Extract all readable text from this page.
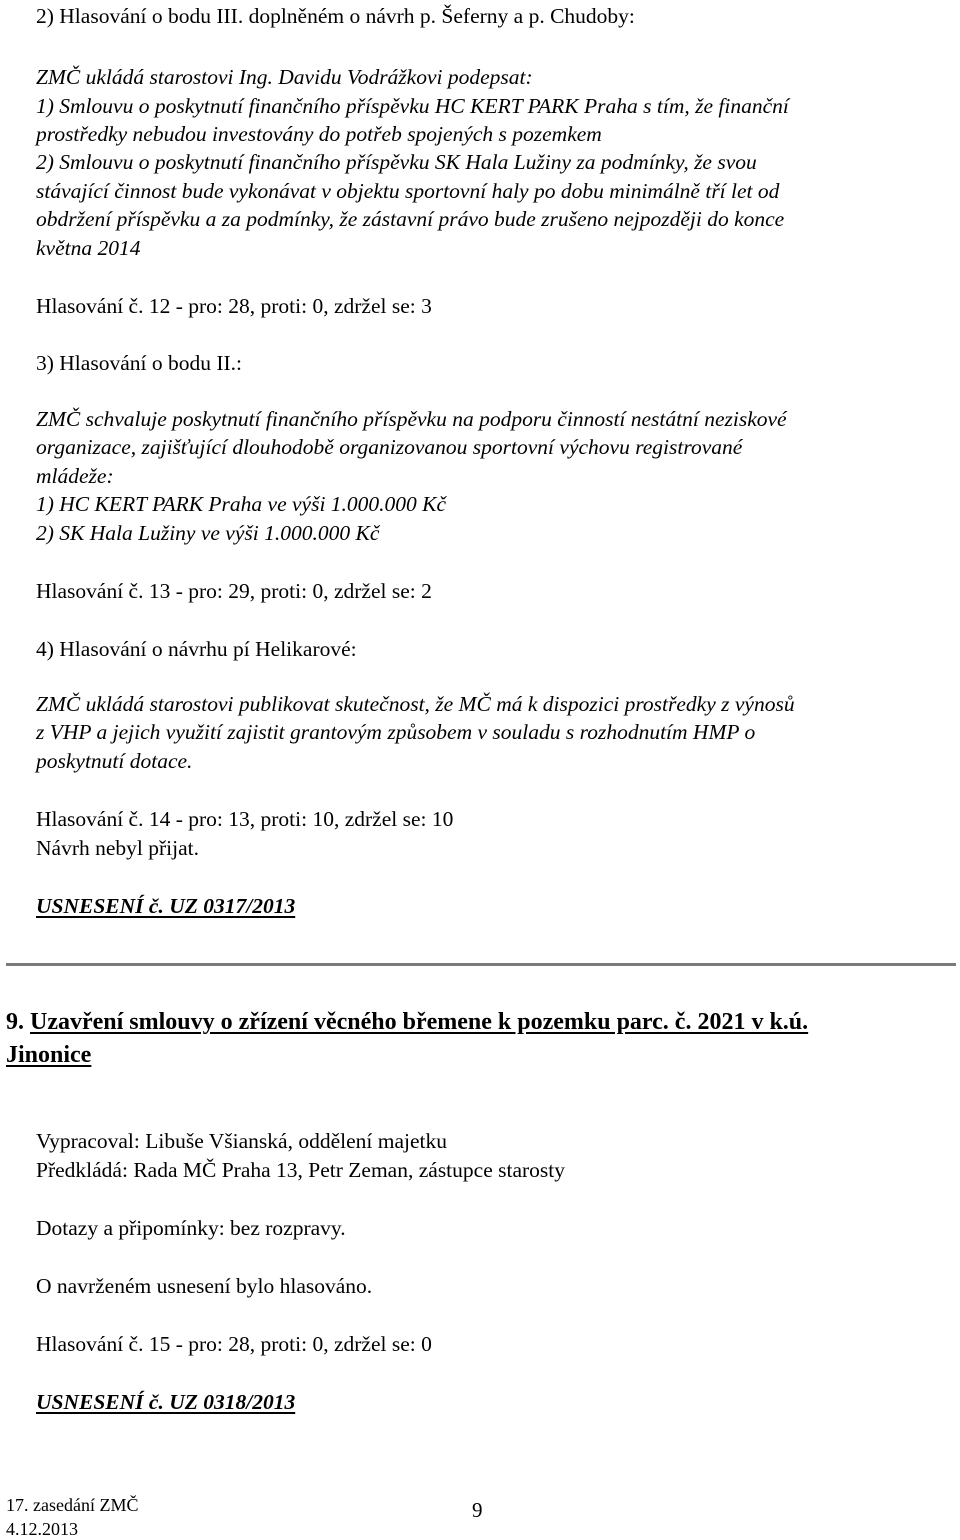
2) Hlasování o bodu III. doplněném o návrh p. Šeferny a p. Chudoby:
ZMČ ukládá starostovi Ing. Davidu Vodrážkovi podepsat:
1) Smlouvu o poskytnutí finančního příspěvku HC KERT PARK Praha s tím, že finanční
prostředky nebudou investovány do potřeb spojených s pozemkem
2) Smlouvu o poskytnutí finančního příspěvku SK Hala Lužiny za podmínky, že svou
stávající činnost bude vykonávat v objektu sportovní haly po dobu minimálně tří let od
obdržení příspěvku a za podmínky, že zástavní právo bude zrušeno nejpozději do konce
května 2014
Hlasování č. 12 - pro: 28, proti: 0, zdržel se: 3
3) Hlasování o bodu II.:
ZMČ schvaluje poskytnutí finančního příspěvku na podporu činností nestátní neziskové
organizace, zajišťující dlouhodobě organizovanou sportovní výchovu registrované
mládeže:
1) HC KERT PARK Praha ve výši 1.000.000 Kč
2) SK Hala Lužiny ve výši 1.000.000 Kč
Hlasování č. 13 - pro: 29, proti: 0, zdržel se: 2
4) Hlasování o návrhu pí Helikarové:
ZMČ ukládá starostovi publikovat skutečnost, že MČ má k dispozici prostředky z výnosů
z VHP a jejich využití zajistit grantovým způsobem v souladu s rozhodnutím HMP o
poskytnutí dotace.
Hlasování č. 14 - pro: 13, proti: 10, zdržel se: 10
Návrh nebyl přijat.
USNESENÍ č. UZ 0317/2013
9. Uzavření smlouvy o zřízení věcného břemene k pozemku parc. č. 2021 v k.ú.
Jinonice
Vypracoval: Libuše Všianská, oddělení majetku
Předkládá: Rada MČ Praha 13, Petr Zeman, zástupce starosty
Dotazy a připomínky: bez rozpravy.
O navrženém usnesení bylo hlasováno.
Hlasování č. 15 - pro: 28, proti: 0, zdržel se: 0
USNESENÍ č. UZ 0318/2013
17. zasedání ZMČ
4.12.2013
9
